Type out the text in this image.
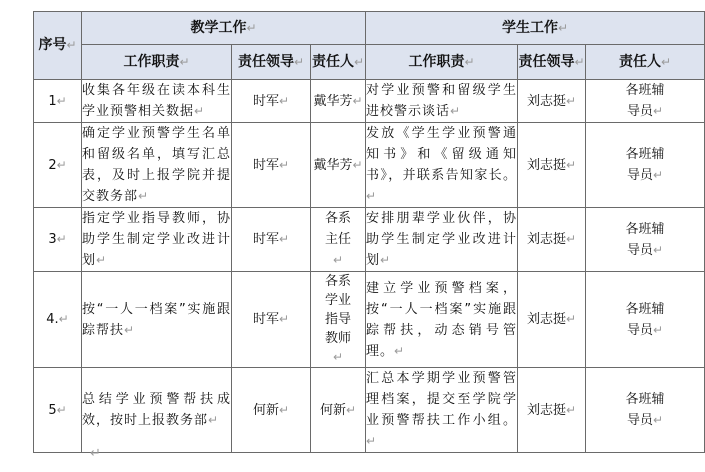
序号↵	教学工作↵			学生工作↵		
	工作职责↵	责任领导↵	责任人↵	工作职责↵	责任领导↵	责任人↵
1↵	收集各年级在读本科生学业预警相关数据↵	时军↵	戴华芳↵	对学业预警和留级学生进校警示谈话↵	刘志挺↵	各班辅导员↵

2↵	确定学业预警学生名单和留级名单，填写汇总表，及时上报学院并提交教务部↵	时军↵	戴华芳↵	发放《学生学业预警通知书》和《留级通知书》，并联系告知家长。↵	刘志挺↵	各班辅导员↵

3↵	指定学业指导教师，协助学生制定学业改进计划↵	时军↵	各系主任↵	安排朋辈学业伙伴，协助学生制定学业改进计划↵	刘志挺↵	各班辅导员↵

4.↵	按“一人一档案”实施跟踪帮扶↵	时军↵	各系学业指导教师↵	建立学业预警档案，按“一人一档案”实施跟踪帮扶，动态销号管理。↵	刘志挺↵	各班辅导员↵

5↵	总结学业预警帮扶成效，按时上报教务部↵	何新↵	何新↵	汇总本学期学业预警管理档案，提交至学院学业预警帮扶工作小组。↵	刘志挺↵	各班辅导员↵
↵
